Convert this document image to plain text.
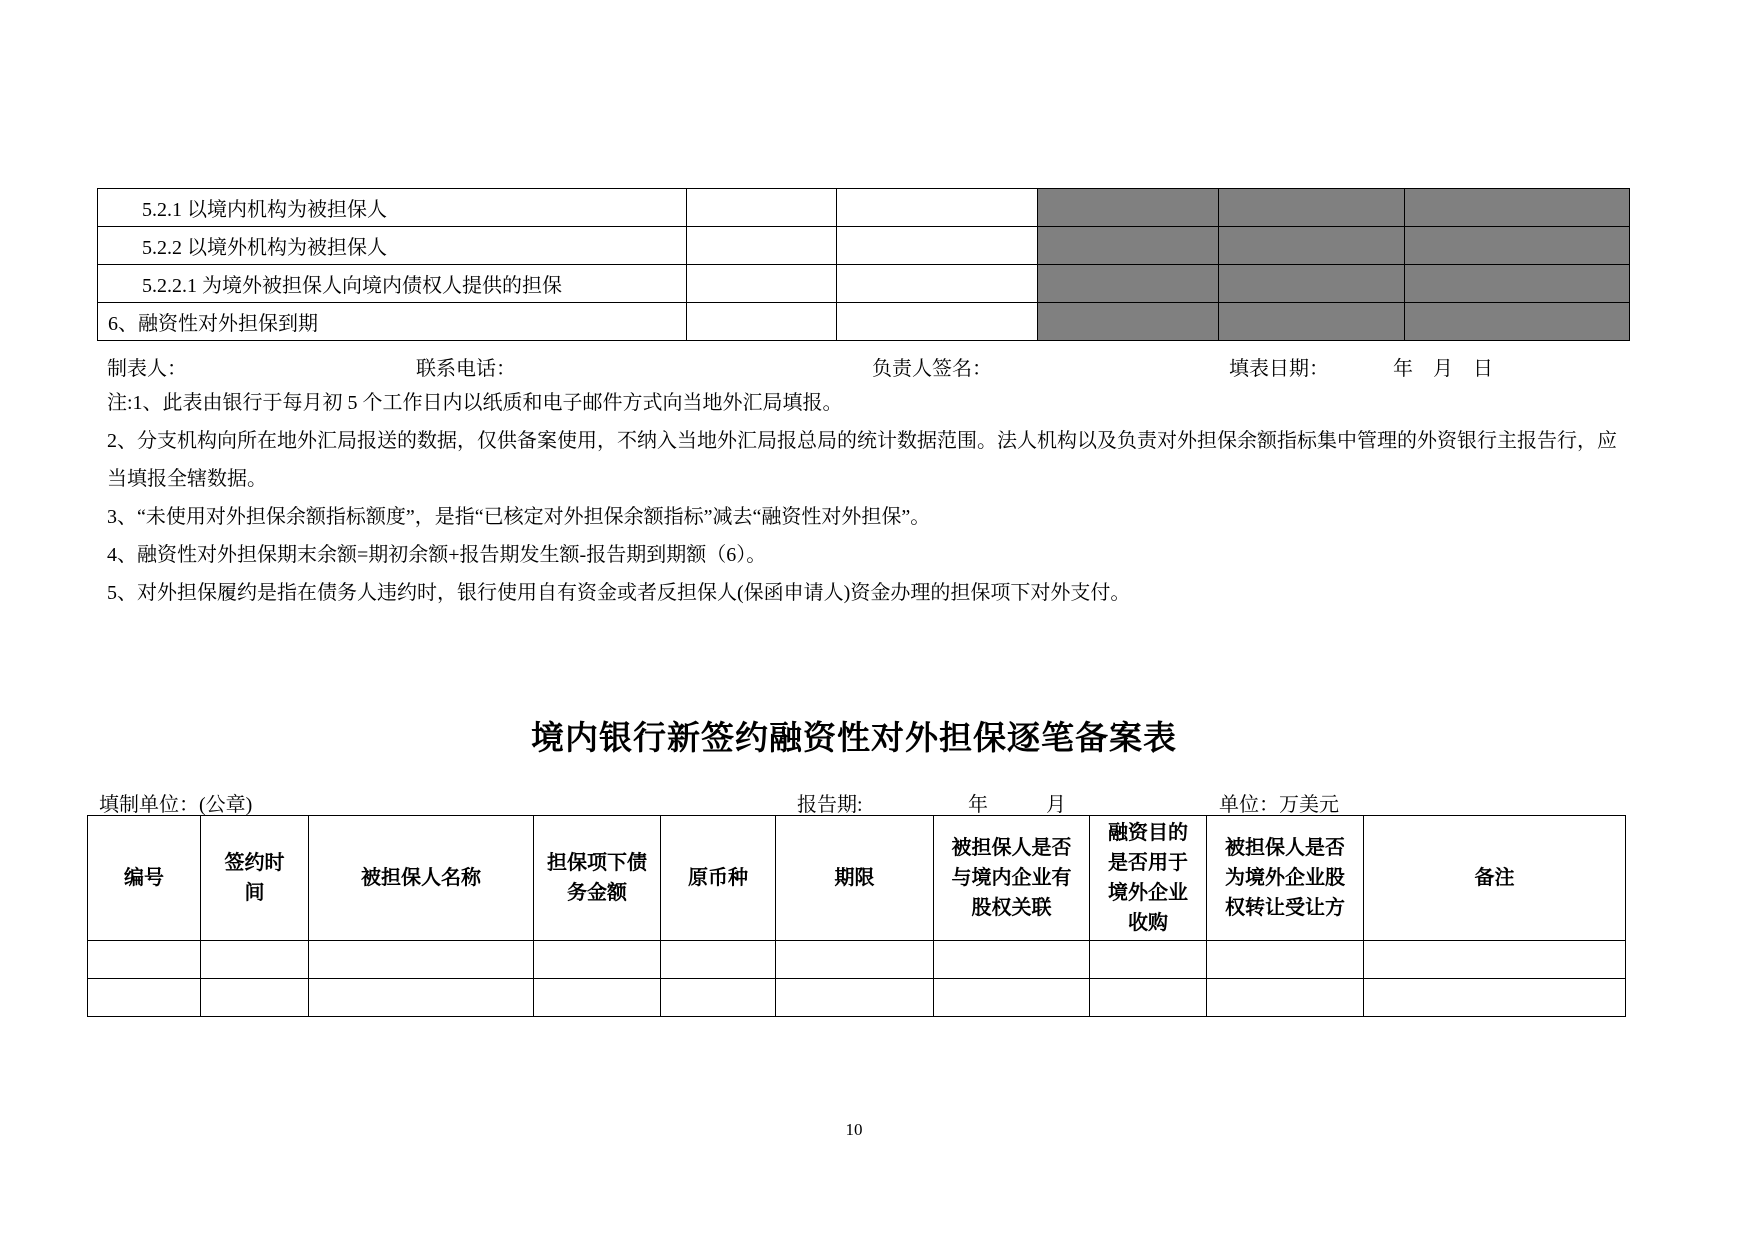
5.2.1 以境内机构为被担保人					
5.2.2 以境外机构为被担保人					
5.2.2.1 为境外被担保人向境内债权人提供的担保					
6、融资性对外担保到期					
制表人：	联系电话：	负责人签名：	填表日期：	年    月    日

注:1、此表由银行于每月初 5 个工作日内以纸质和电子邮件方式向当地外汇局填报。

2、分支机构向所在地外汇局报送的数据，仅供备案使用，不纳入当地外汇局报总局的统计数据范围。法人机构以及负责对外担保余额指标集中管理的外资银行主报告行，应当填报全辖数据。

3、“未使用对外担保余额指标额度”，是指“已核定对外担保余额指标”减去“融资性对外担保”。

4、融资性对外担保期末余额=期初余额+报告期发生额-报告期到期额（6）。

5、对外担保履约是指在债务人违约时，银行使用自有资金或者反担保人(保函申请人)资金办理的担保项下对外支付。

境内银行新签约融资性对外担保逐笔备案表
填制单位：(公章)	报告期:	年	月	单位：万美元
编号	签约时间	被担保人名称	担保项下债务金额	原币种	期限	被担保人是否与境内企业有股权关联	融资目的是否用于境外企业收购	被担保人是否为境外企业股权转让受让方	备注

10
